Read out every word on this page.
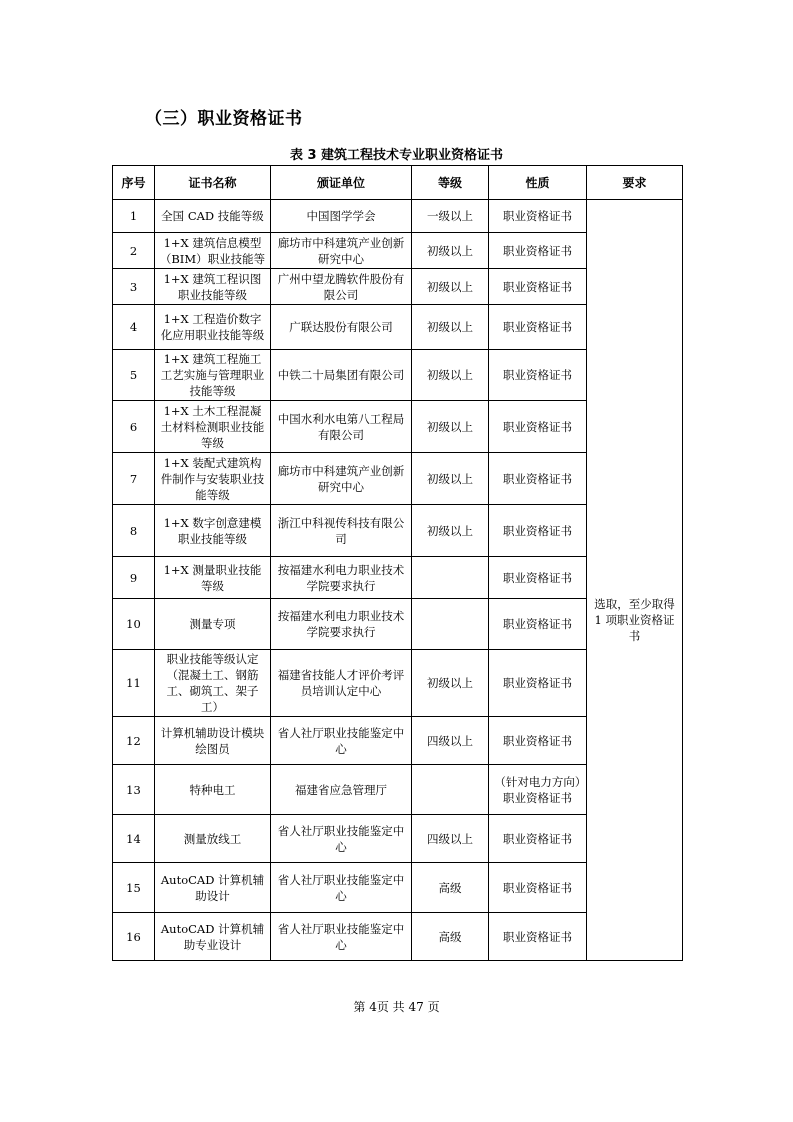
（三）职业资格证书
表 3 建筑工程技术专业职业资格证书
序号	证书名称	颁证单位	等级	性质	要求
1	全国 CAD 技能等级	中国图学学会	一级以上	职业资格证书	选取，至少取得 1 项职业资格证书
2	1+X 建筑信息模型（BIM）职业技能等	廊坊市中科建筑产业创新研究中心	初级以上	职业资格证书	
3	1+X 建筑工程识图职业技能等级	广州中望龙腾软件股份有限公司	初级以上	职业资格证书	
4	1+X 工程造价数字化应用职业技能等级	广联达股份有限公司	初级以上	职业资格证书	
5	1+X 建筑工程施工工艺实施与管理职业技能等级	中铁二十局集团有限公司	初级以上	职业资格证书	
6	1+X 土木工程混凝土材料检测职业技能等级	中国水利水电第八工程局有限公司	初级以上	职业资格证书	
7	1+X 装配式建筑构件制作与安装职业技能等级	廊坊市中科建筑产业创新研究中心	初级以上	职业资格证书	
8	1+X 数字创意建模职业技能等级	浙江中科视传科技有限公司	初级以上	职业资格证书	
9	1+X 测量职业技能等级	按福建水利电力职业技术学院要求执行		职业资格证书	
10	测量专项	按福建水利电力职业技术学院要求执行		职业资格证书	
11	职业技能等级认定（混凝土工、钢筋工、砌筑工、架子工）	福建省技能人才评价考评员培训认定中心	初级以上	职业资格证书	
12	计算机辅助设计模块绘图员	省人社厅职业技能鉴定中心	四级以上	职业资格证书	
13	特种电工	福建省应急管理厅		（针对电力方向）职业资格证书	
14	测量放线工	省人社厅职业技能鉴定中心	四级以上	职业资格证书	
15	AutoCAD 计算机辅助设计	省人社厅职业技能鉴定中心	高级	职业资格证书	
16	AutoCAD 计算机辅助专业设计	省人社厅职业技能鉴定中心	高级	职业资格证书	
第 4页 共 47 页
